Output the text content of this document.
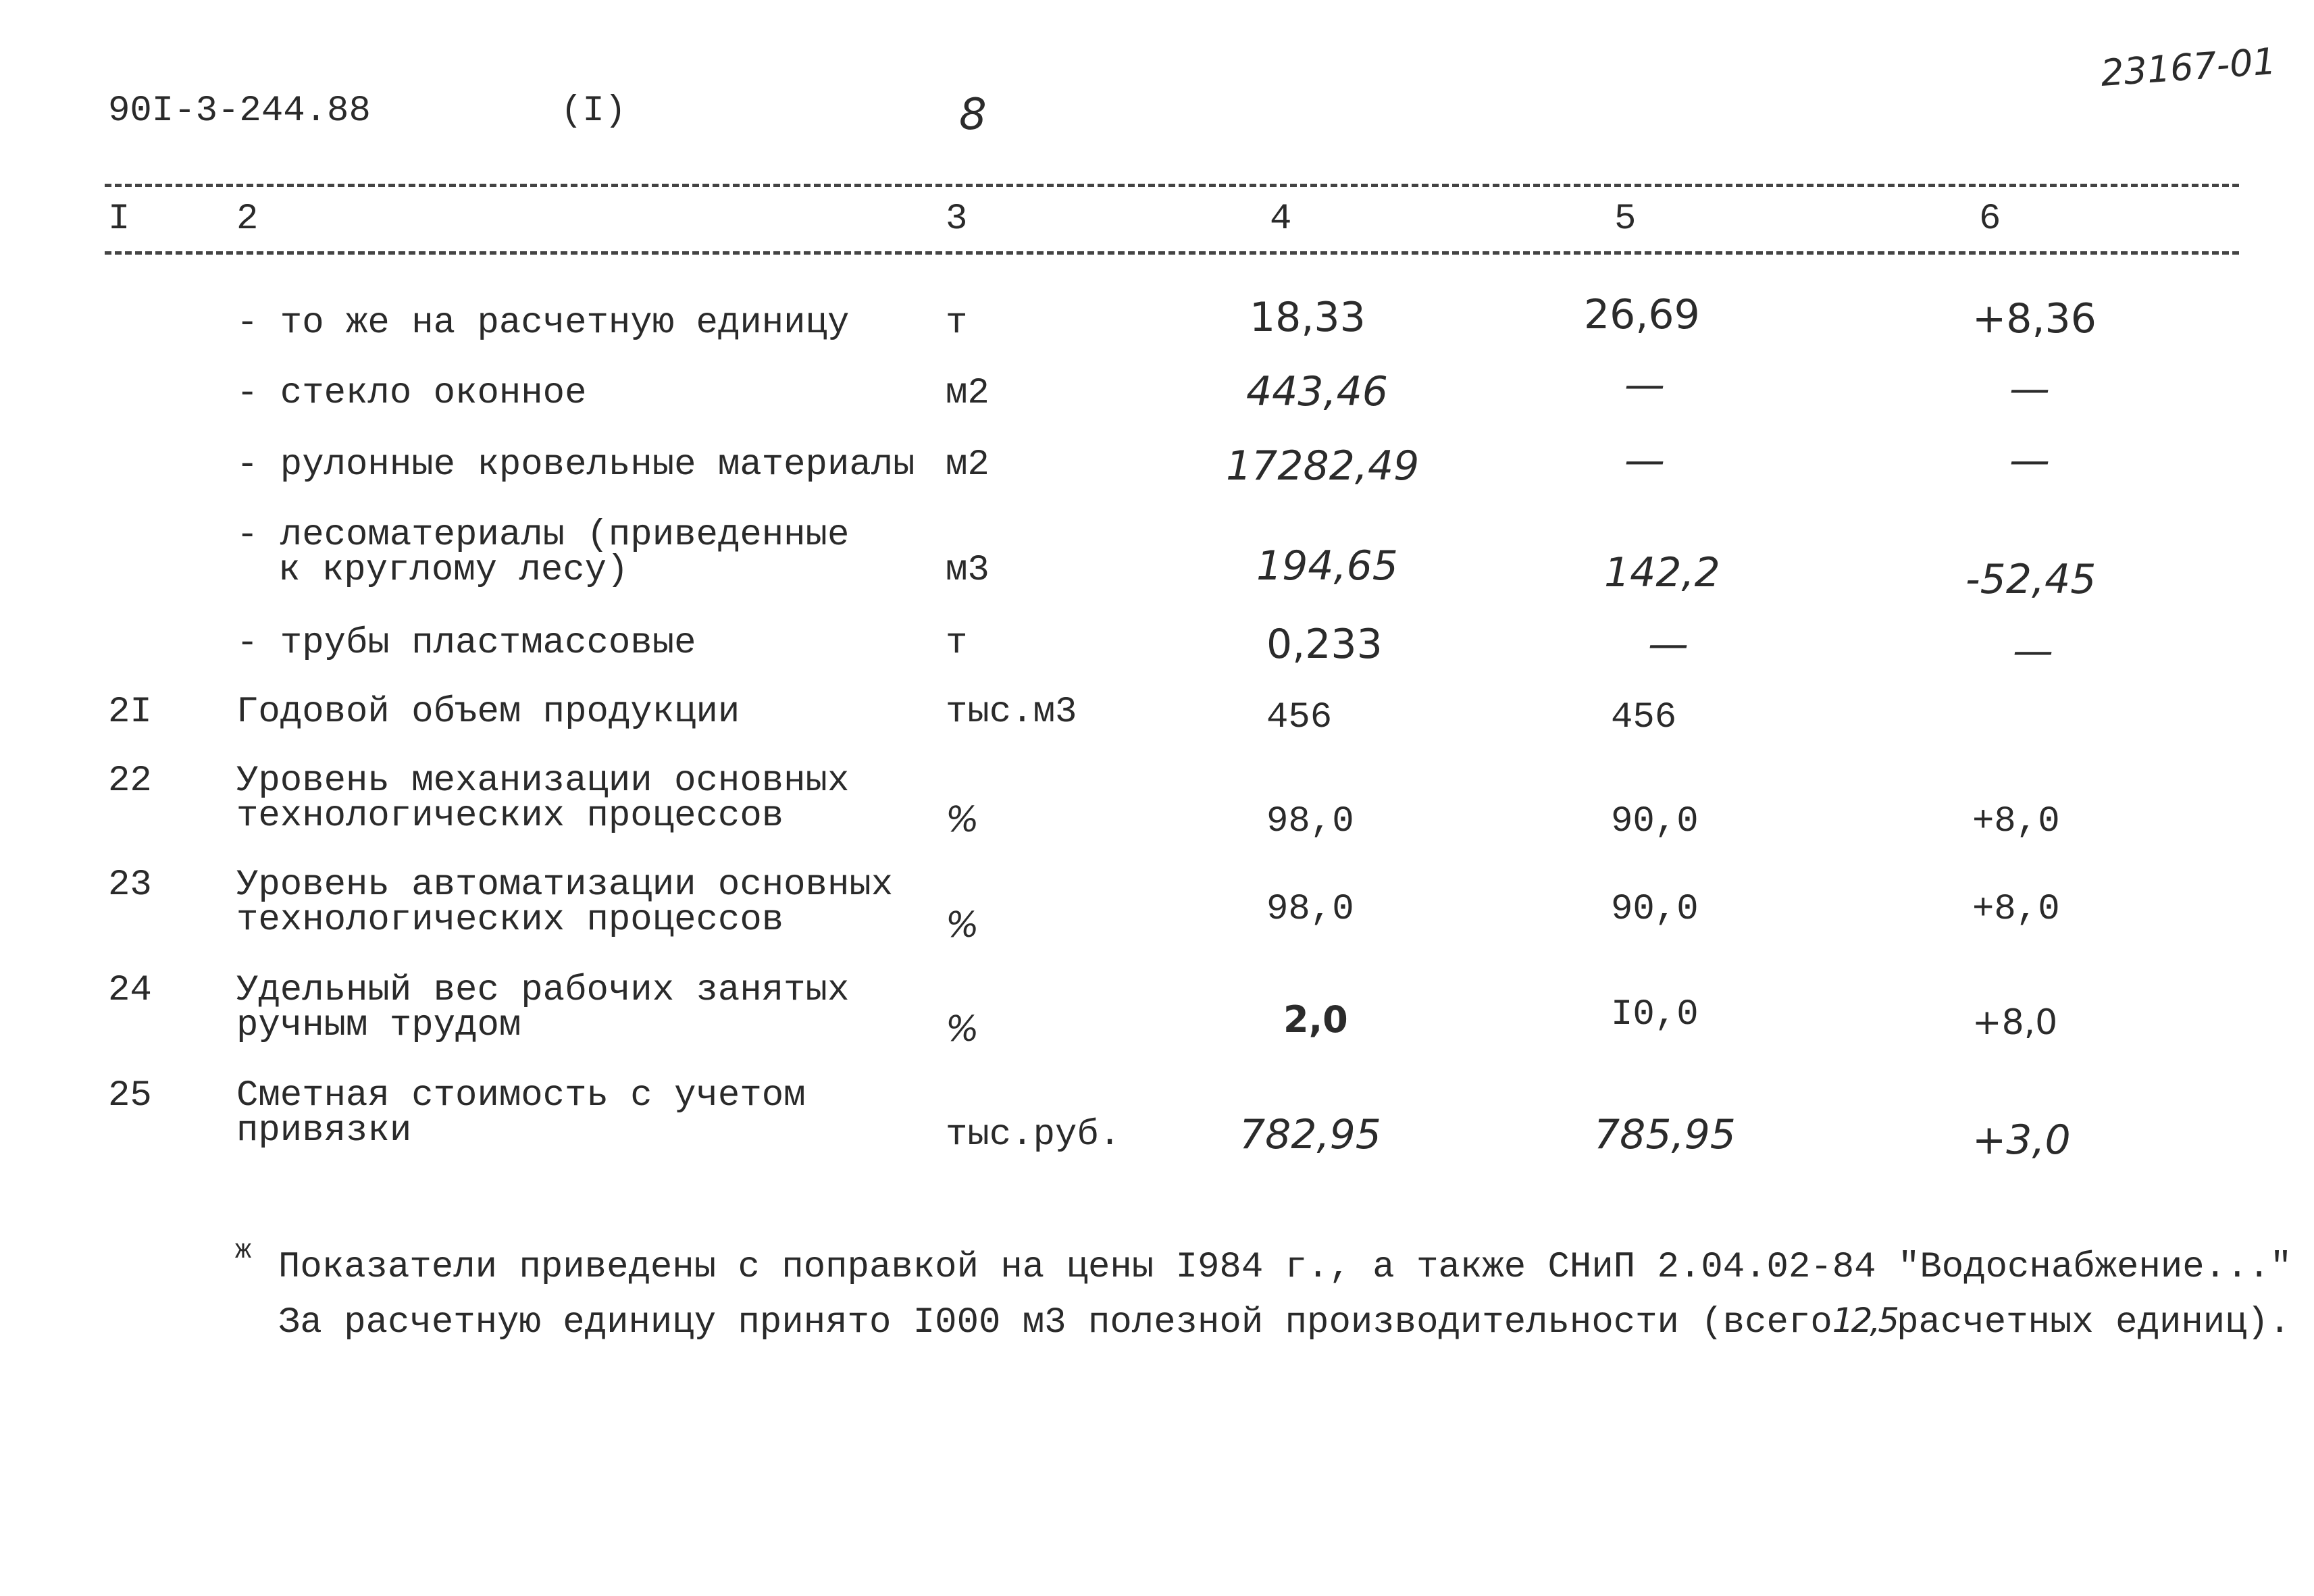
90I-3-244.88	(I)	8
23167-01
I	2	3	4	5	6
- то же на расчетную единицу	т	18,33	26,69	+8,36
- стекло оконное	м2	443,46	—	—
- рулонные кровельные материалы м2	17282,49	—	—
- лесоматериалы (приведенные
к круглому лесу)	м3	194,65	142,2	-52,45
- трубы пластмассовые	т	0,233	—	—
2I Годовой объем продукции	тыс.м3	456	456
22 Уровень механизации основных
технологических процессов	%	98,0	90,0	+8,0
23 Уровень автоматизации основных
технологических процессов	%	98,0	90,0	+8,0
24 Удельный вес рабочих занятых
ручным трудом	%	2,0	I0,0	+8,0
25 Сметная стоимость с учетом
привязки	тыс.руб.	782,95	785,95	+3,0
ж Показатели приведены с поправкой на цены I984 г., а также СНиП 2.04.02-84 "Водоснабжение..."
За расчетную единицу принято I000 м3 полезной производительности (всего12,5расчетных единиц).
